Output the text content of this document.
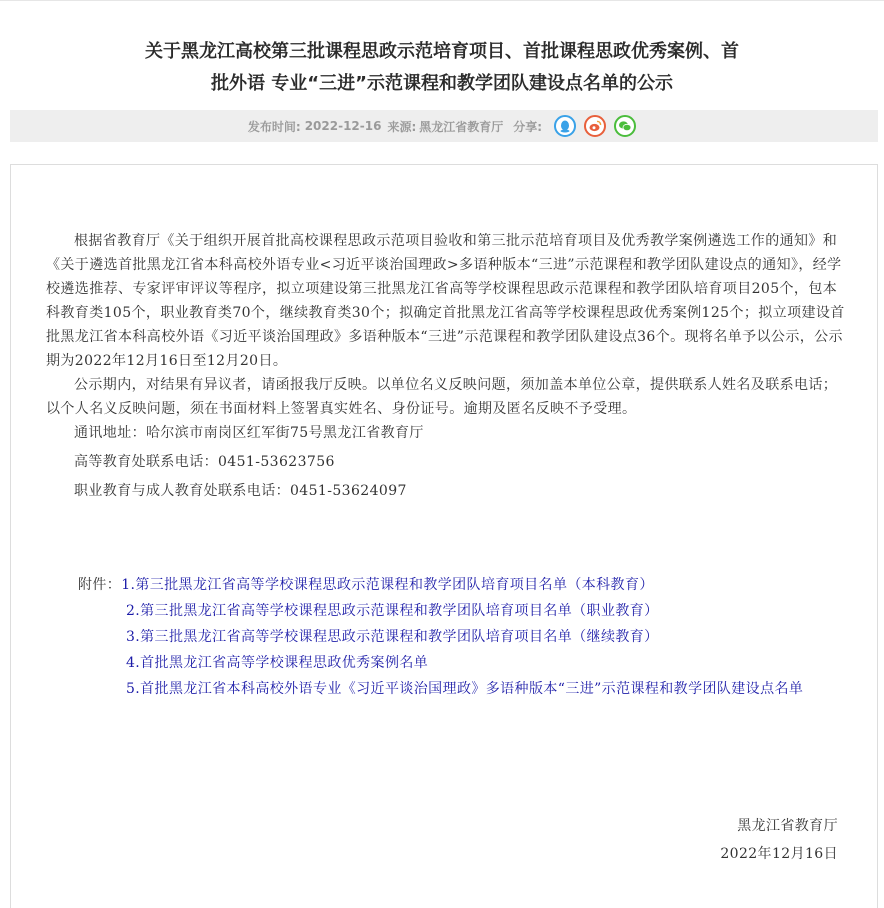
关于黑龙江高校第三批课程思政示范培育项目、首批课程思政优秀案例、首
批外语 专业“三进”示范课程和教学团队建设点名单的公示
发布时间: 2022-12-16 来源: 黑龙江省教育厅 分享:

根据省教育厅《关于组织开展首批高校课程思政示范项目验收和第三批示范培育项目及优秀教学案例遴选工作的通知》和《关于遴选首批黑龙江省本科高校外语专业<习近平谈治国理政>多语种版本“三进”示范课程和教学团队建设点的通知》，经学校遴选推荐、专家评审评议等程序，拟立项建设第三批黑龙江省高等学校课程思政示范课程和教学团队培育项目205个，包本科教育类105个，职业教育类70个，继续教育类30个；拟确定首批黑龙江省高等学校课程思政优秀案例125个；拟立项建设首批黑龙江省本科高校外语《习近平谈治国理政》多语种版本“三进”示范课程和教学团队建设点36个。现将名单予以公示，公示期为2022年12月16日至12月20日。

公示期内，对结果有异议者，请函报我厅反映。以单位名义反映问题，须加盖本单位公章，提供联系人姓名及联系电话；以个人名义反映问题，须在书面材料上签署真实姓名、身份证号。逾期及匿名反映不予受理。

通讯地址：哈尔滨市南岗区红军街75号黑龙江省教育厅

高等教育处联系电话：0451-53623756

职业教育与成人教育处联系电话：0451-53624097

附件：1.第三批黑龙江省高等学校课程思政示范课程和教学团队培育项目名单（本科教育）
2.第三批黑龙江省高等学校课程思政示范课程和教学团队培育项目名单（职业教育）
3.第三批黑龙江省高等学校课程思政示范课程和教学团队培育项目名单（继续教育）
4.首批黑龙江省高等学校课程思政优秀案例名单
5.首批黑龙江省本科高校外语专业《习近平谈治国理政》多语种版本“三进”示范课程和教学团队建设点名单
黑龙江省教育厅
2022年12月16日
